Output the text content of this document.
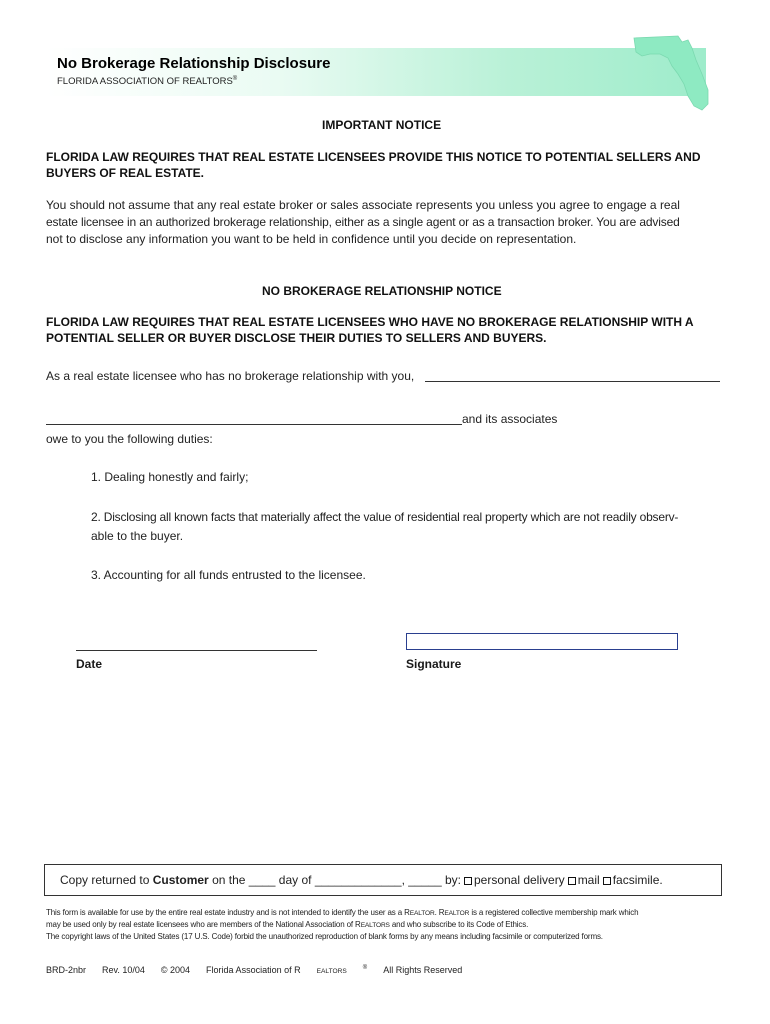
No Brokerage Relationship Disclosure
FLORIDA ASSOCIATION OF REALTORS®
IMPORTANT NOTICE
FLORIDA LAW REQUIRES THAT REAL ESTATE LICENSEES PROVIDE THIS NOTICE TO POTENTIAL SELLERS AND
BUYERS OF REAL ESTATE.
You should not assume that any real estate broker or sales associate represents you unless you agree to engage a real
estate licensee in an authorized brokerage relationship, either as a single agent or as a transaction broker. You are advised
not to disclose any information you want to be held in confidence until you decide on representation.
NO BROKERAGE RELATIONSHIP NOTICE
FLORIDA LAW REQUIRES THAT REAL ESTATE LICENSEES WHO HAVE NO BROKERAGE RELATIONSHIP WITH A
POTENTIAL SELLER OR BUYER DISCLOSE THEIR DUTIES TO SELLERS AND BUYERS.
As a real estate licensee who has no brokerage relationship with you,
and its associates
owe to you the following duties:
1. Dealing honestly and fairly;
2. Disclosing all known facts that materially affect the value of residential real property which are not readily observ-
able to the buyer.
3. Accounting for all funds entrusted to the licensee.
Date	Signature
Copy returned to Customer on the ____ day of _____________, _____ by: personal delivery mail facsimile.
This form is available for use by the entire real estate industry and is not intended to identify the user as a REALTOR. REALTOR is a registered collective membership mark which
may be used only by real estate licensees who are members of the National Association of REALTORS and who subscribe to its Code of Ethics.
The copyright laws of the United States (17 U.S. Code) forbid the unauthorized reproduction of blank forms by any means including facsimile or computerized forms.
BRD-2nbr Rev. 10/04 © 2004 Florida Association of R EALTORS	® All Rights Reserved
